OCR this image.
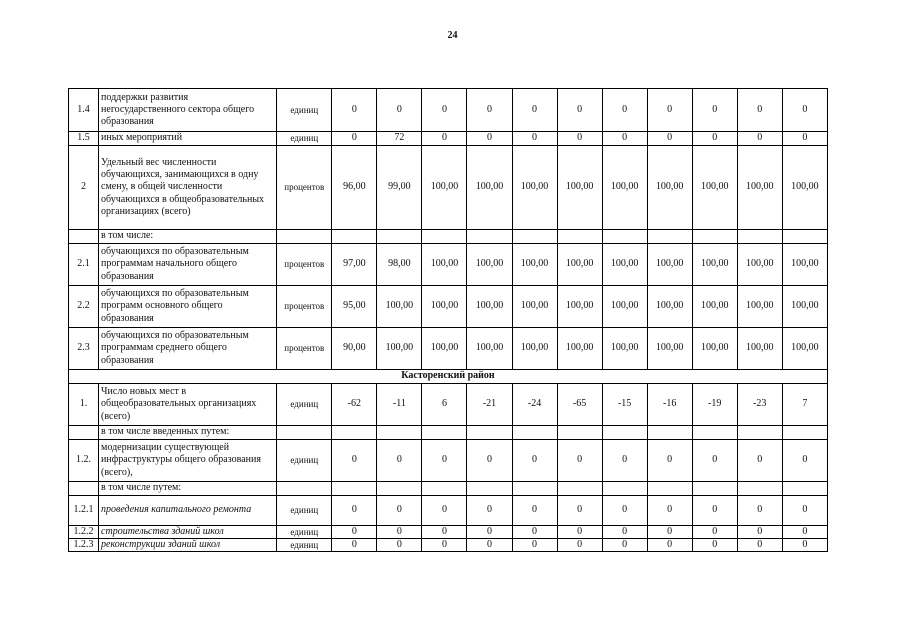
24
1.4	поддержки развития негосударственного сектора общего образования	единиц	0	0	0	0	0	0	0	0	0	0	0
1.5	иных мероприятий	единиц	0	72	0	0	0	0	0	0	0	0	0
2	Удельный вес численности обучающихся, занимающихся в одну смену, в общей численности обучающихся в общеобразовательных организациях (всего)	процентов	96,00	99,00	100,00	100,00	100,00	100,00	100,00	100,00	100,00	100,00	100,00
	в том числе:												
2.1	обучающихся по образовательным программам начального общего образования	процентов	97,00	98,00	100,00	100,00	100,00	100,00	100,00	100,00	100,00	100,00	100,00
2.2	обучающихся по образовательным программ основного общего образования	процентов	95,00	100,00	100,00	100,00	100,00	100,00	100,00	100,00	100,00	100,00	100,00
2.3	обучающихся по образовательным программам среднего общего образования	процентов	90,00	100,00	100,00	100,00	100,00	100,00	100,00	100,00	100,00	100,00	100,00
Касторенский район													
1.	Число новых мест в общеобразовательных организациях (всего)	единиц	-62	-11	6	-21	-24	-65	-15	-16	-19	-23	7
	в том числе введенных путем:												
1.2.	модернизации существующей инфраструктуры общего образования (всего),	единиц	0	0	0	0	0	0	0	0	0	0	0
	в том числе путем:												
1.2.1	проведения капитального ремонта	единиц	0	0	0	0	0	0	0	0	0	0	0
1.2.2	строительства зданий школ	единиц	0	0	0	0	0	0	0	0	0	0	0
1.2.3	реконструкции зданий школ	единиц	0	0	0	0	0	0	0	0	0	0	0
